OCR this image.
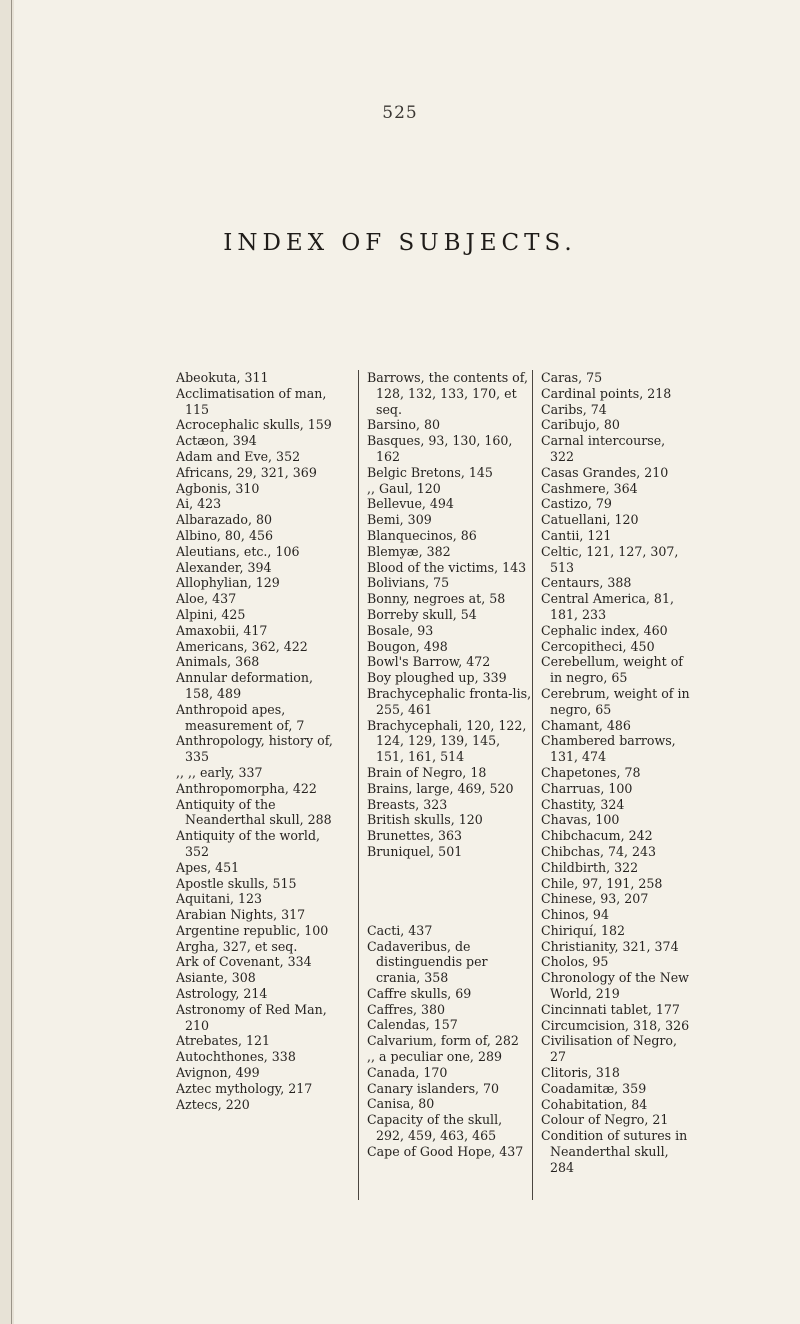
525
INDEX OF SUBJECTS.
Abeokuta, 311
Acclimatisation of man, 115
Acrocephalic skulls, 159
Actæon, 394
Adam and Eve, 352
Africans, 29, 321, 369
Agbonis, 310
Ai, 423
Albarazado, 80
Albino, 80, 456
Aleutians, etc., 106
Alexander, 394
Allophylian, 129
Aloe, 437
Alpini, 425
Amaxobii, 417
Americans, 362, 422
Animals, 368
Annular deformation, 158, 489
Anthropoid apes, measurement of, 7
Anthropology, history of, 335
,, ,, early, 337
Anthropomorpha, 422
Antiquity of the Neanderthal skull, 288
Antiquity of the world, 352
Apes, 451
Apostle skulls, 515
Aquitani, 123
Arabian Nights, 317
Argentine republic, 100
Argha, 327, et seq.
Ark of Covenant, 334
Asiante, 308
Astrology, 214
Astronomy of Red Man, 210
Atrebates, 121
Autochthones, 338
Avignon, 499
Aztec mythology, 217
Aztecs, 220
Barrows, the contents of, 128, 132, 133, 170, et seq.
Barsino, 80
Basques, 93, 130, 160, 162
Belgic Bretons, 145
,, Gaul, 120
Bellevue, 494
Bemi, 309
Blanquecinos, 86
Blemyæ, 382
Blood of the victims, 143
Bolivians, 75
Bonny, negroes at, 58
Borreby skull, 54
Bosale, 93
Bougon, 498
Bowl's Barrow, 472
Boy ploughed up, 339
Brachycephalic fronta-lis, 255, 461
Brachycephali, 120, 122, 124, 129, 139, 145, 151, 161, 514
Brain of Negro, 18
Brains, large, 469, 520
Breasts, 323
British skulls, 120
Brunettes, 363
Bruniquel, 501
Cacti, 437
Cadaveribus, de distinguendis per crania, 358
Caffre skulls, 69
Caffres, 380
Calendas, 157
Calvarium, form of, 282
,, a peculiar one, 289
Canada, 170
Canary islanders, 70
Canisa, 80
Capacity of the skull, 292, 459, 463, 465
Cape of Good Hope, 437
Caras, 75
Cardinal points, 218
Caribs, 74
Caribujo, 80
Carnal intercourse, 322
Casas Grandes, 210
Cashmere, 364
Castizo, 79
Catuellani, 120
Cantii, 121
Celtic, 121, 127, 307, 513
Centaurs, 388
Central America, 81, 181, 233
Cephalic index, 460
Cercopitheci, 450
Cerebellum, weight of in negro, 65
Cerebrum, weight of in negro, 65
Chamant, 486
Chambered barrows, 131, 474
Chapetones, 78
Charruas, 100
Chastity, 324
Chavas, 100
Chibchacum, 242
Chibchas, 74, 243
Childbirth, 322
Chile, 97, 191, 258
Chinese, 93, 207
Chinos, 94
Chiriquí, 182
Christianity, 321, 374
Cholos, 95
Chronology of the New World, 219
Cincinnati tablet, 177
Circumcision, 318, 326
Civilisation of Negro, 27
Clitoris, 318
Coadamitæ, 359
Cohabitation, 84
Colour of Negro, 21
Condition of sutures in Neanderthal skull, 284
